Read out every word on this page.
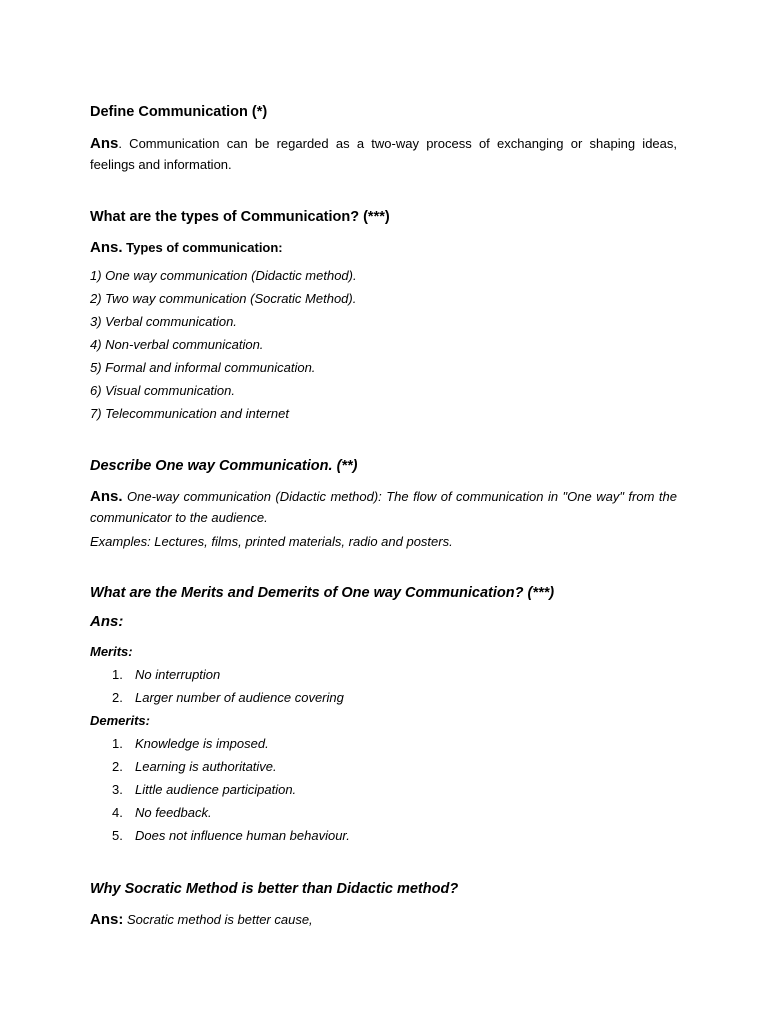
Define Communication (*)
Ans. Communication can be regarded as a two-way process of exchanging or shaping ideas, feelings and information.
What are the types of Communication? (***)
Ans. Types of communication:
1) One way communication (Didactic method).
2) Two way communication (Socratic Method).
3) Verbal communication.
4) Non-verbal communication.
5) Formal and informal communication.
6) Visual communication.
7) Telecommunication and internet
Describe One way Communication. (**)
Ans. One-way communication (Didactic method): The flow of communication in "One way" from the communicator to the audience.
Examples: Lectures, films, printed materials, radio and posters.
What are the Merits and Demerits of One way Communication? (***)
Ans:
Merits:
1. No interruption
2. Larger number of audience covering
Demerits:
1. Knowledge is imposed.
2. Learning is authoritative.
3. Little audience participation.
4. No feedback.
5. Does not influence human behaviour.
Why Socratic Method is better than Didactic method?
Ans: Socratic method is better cause,
